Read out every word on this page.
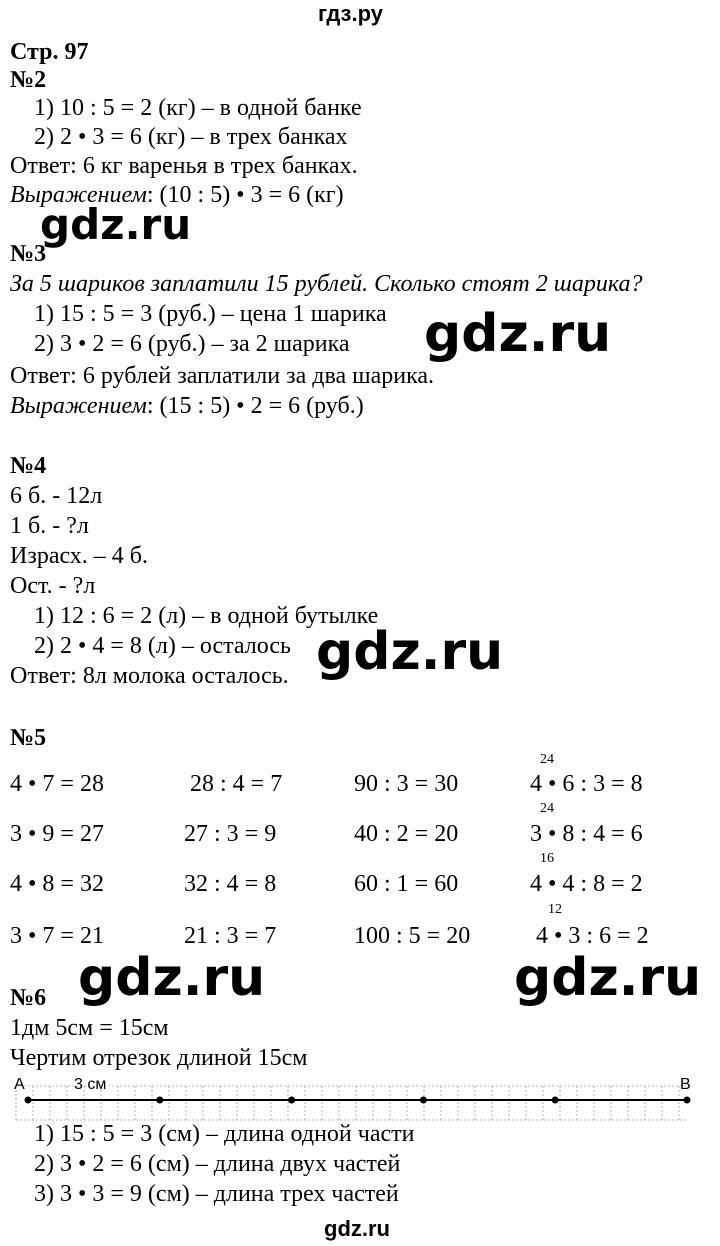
гдз.ру
Стр. 97
№2
1) 10 : 5 = 2 (кг) – в одной банке
2) 2 • 3 = 6 (кг) – в трех банках
Ответ: 6 кг варенья в трех банках.
Выражением: (10 : 5) • 3 = 6 (кг)
gdz.ru
№3
За 5 шариков заплатили 15 рублей. Сколько стоят 2 шарика?
1) 15 : 5 = 3 (руб.) – цена 1 шарика
2) 3 • 2 = 6 (руб.) – за 2 шарика gdz.ru
Ответ: 6 рублей заплатили за два шарика.
Выражением: (15 : 5) • 2 = 6 (руб.)
№4
6 б. - 12л
1 б. - ?л
Израсх. – 4 б.
Ост. - ?л
1) 12 : 6 = 2 (л) – в одной бутылке
2) 2 • 4 = 8 (л) – осталось
Ответ: 8л молока осталось. gdz.ru
№5
24
4 • 7 = 28	28 : 4 = 7	90 : 3 = 30	4 • 6 : 3 = 8
24
3 • 9 = 27	27 : 3 = 9	40 : 2 = 20	3 • 8 : 4 = 6
16
4 • 8 = 32	32 : 4 = 8	60 : 1 = 60	4 • 4 : 8 = 2
12
3 • 7 = 21	21 : 3 = 7	100 : 5 = 20	4 • 3 : 6 = 2
gdz.ru	gdz.ru
№6
1дм 5см = 15см
Чертим отрезок длиной 15см
A	3 см	B
1) 15 : 5 = 3 (см) – длина одной части
2) 3 • 2 = 6 (см) – длина двух частей
3) 3 • 3 = 9 (см) – длина трех частей
gdz.ru
